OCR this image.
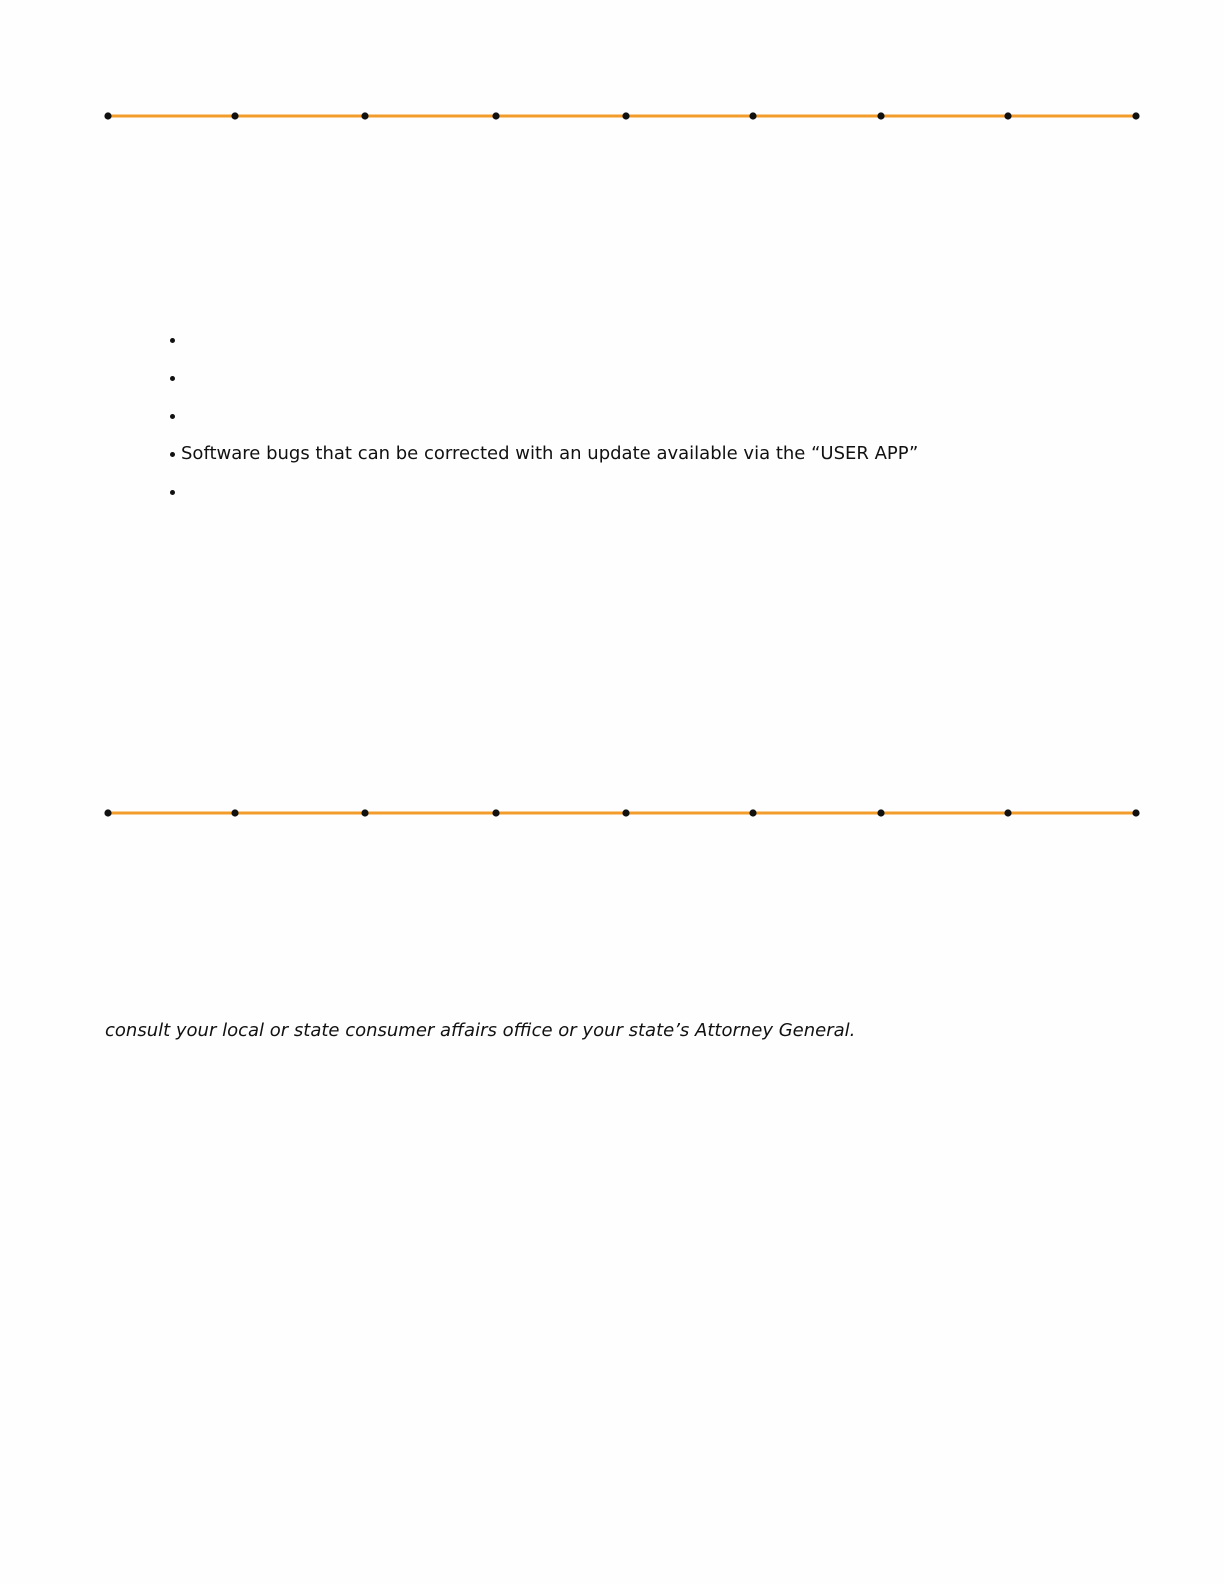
Software bugs that can be corrected with an update available via the “USER APP”

consult your local or state consumer affairs office or your state’s Attorney General.
